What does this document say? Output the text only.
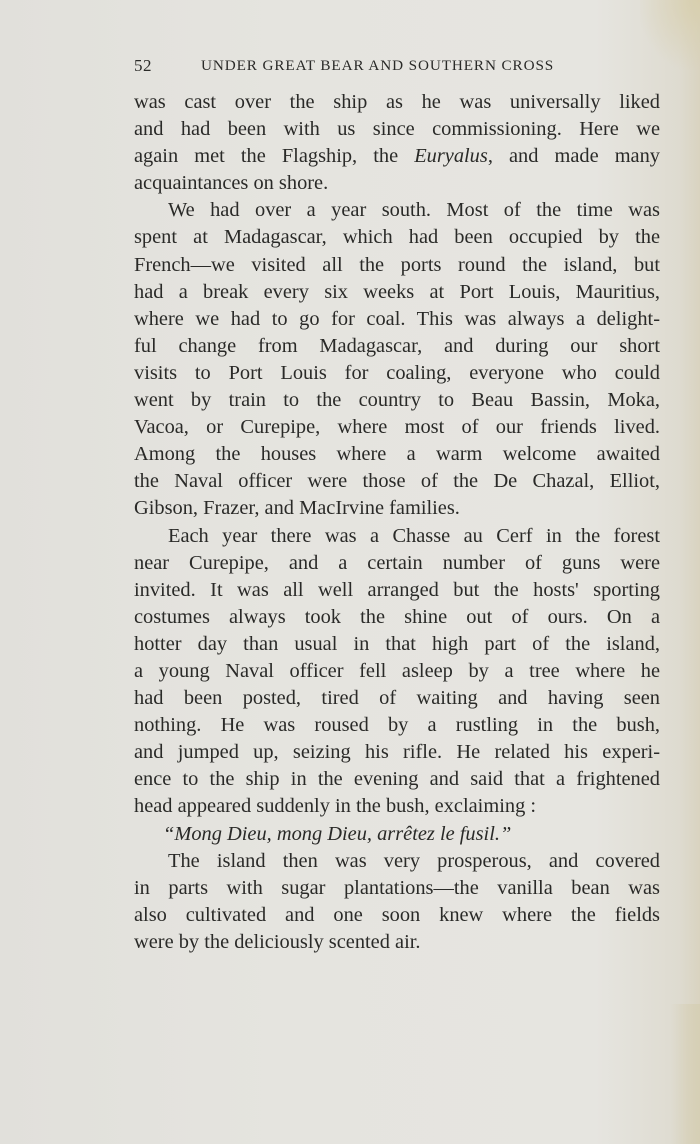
52	UNDER GREAT BEAR AND SOUTHERN CROSS
was cast over the ship as he was universally liked
and had been with us since commissioning. Here we
again met the Flagship, the Euryalus, and made many
acquaintances on shore.
We had over a year south. Most of the time was
spent at Madagascar, which had been occupied by the
French—we visited all the ports round the island, but
had a break every six weeks at Port Louis, Mauritius,
where we had to go for coal. This was always a delight-
ful change from Madagascar, and during our short
visits to Port Louis for coaling, everyone who could
went by train to the country to Beau Bassin, Moka,
Vacoa, or Curepipe, where most of our friends lived.
Among the houses where a warm welcome awaited
the Naval officer were those of the De Chazal, Elliot,
Gibson, Frazer, and MacIrvine families.
Each year there was a Chasse au Cerf in the forest
near Curepipe, and a certain number of guns were
invited. It was all well arranged but the hosts' sporting
costumes always took the shine out of ours. On a
hotter day than usual in that high part of the island,
a young Naval officer fell asleep by a tree where he
had been posted, tired of waiting and having seen
nothing. He was roused by a rustling in the bush,
and jumped up, seizing his rifle. He related his experi-
ence to the ship in the evening and said that a frightened
head appeared suddenly in the bush, exclaiming :
“Mong Dieu, mong Dieu, arrêtez le fusil.”
The island then was very prosperous, and covered
in parts with sugar plantations—the vanilla bean was
also cultivated and one soon knew where the fields
were by the deliciously scented air.
